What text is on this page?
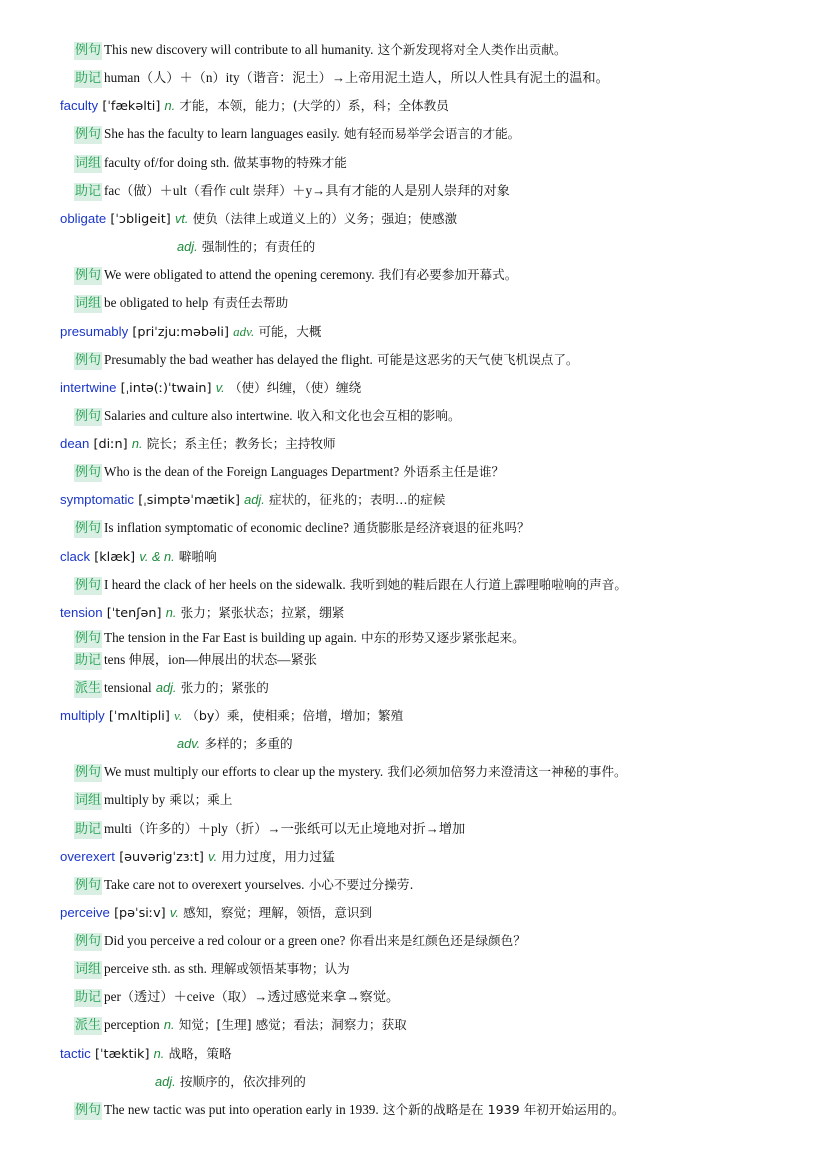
例句 This new discovery will contribute to all humanity. 这个新发现将对全人类作出贡献。
助记 human（人）＋（n）ity（谐音：泥土）→上帝用泥土造人，所以人性具有泥土的温和。
faculty [ˈfækəlti] n. 才能，本领，能力；(大学的）系，科；全体教员
例句 She has the faculty to learn languages easily. 她有轻而易举学会语言的才能。
词组 faculty of/for doing sth. 做某事物的特殊才能
助记 fac（做）＋ult（看作 cult 崇拜）＋y→具有才能的人是别人崇拜的对象
obligate [ˈɔbligeit] vt. 使负（法律上或道义上的）义务；强迫；使感激
adj. 强制性的；有责任的
例句 We were obligated to attend the opening ceremony. 我们有必要参加开幕式。
词组 be obligated to help 有责任去帮助
presumably [priˈzjuːməbəli] adv. 可能，大概
例句 Presumably the bad weather has delayed the flight. 可能是这恶劣的天气使飞机误点了。
intertwine [ˌintə(ː)ˈtwain] v. （使）纠缠，（使）缠绕
例句 Salaries and culture also intertwine. 收入和文化也会互相的影响。
dean [diːn] n. 院长；系主任；教务长；主持牧师
例句 Who is the dean of the Foreign Languages Department? 外语系主任是谁？
symptomatic [ˌsimptəˈmætik] adj. 症状的，征兆的；表明…的症候
例句 Is inflation symptomatic of economic decline? 通货膨胀是经济衰退的征兆吗？
clack [klæk] v. & n. 噼啪响
例句 I heard the clack of her heels on the sidewalk. 我听到她的鞋后跟在人行道上霹哩啪啦响的声音。
tension [ˈtenʃən] n. 张力；紧张状态；拉紧，绷紧
例句 The tension in the Far East is building up again. 中东的形势又逐步紧张起来。
助记 tens 伸展，ion—伸展出的状态—紧张
派生 tensional adj. 张力的；紧张的
multiply [ˈmʌltipli] v. （by）乘，使相乘；倍增，增加；繁殖
adv. 多样的；多重的
例句 We must multiply our efforts to clear up the mystery. 我们必须加倍努力来澄清这一神秘的事件。
词组 multiply by 乘以；乘上
助记 multi（许多的）＋ply（折）→一张纸可以无止境地对折→增加
overexert [əuvərigˈzɜːt] v. 用力过度，用力过猛
例句 Take care not to overexert yourselves. 小心不要过分操劳.
perceive [pəˈsiːv] v. 感知，察觉；理解，领悟，意识到
例句 Did you perceive a red colour or a green one? 你看出来是红颜色还是绿颜色？
词组 perceive sth. as sth. 理解或领悟某事物；认为
助记 per（透过）＋ceive（取）→透过感觉来拿→察觉。
派生 perception n. 知觉；[生理] 感觉；看法；洞察力；获取
tactic [ˈtæktik] n. 战略，策略
adj. 按顺序的，依次排列的
例句 The new tactic was put into operation early in 1939. 这个新的战略是在 1939 年初开始运用的。
